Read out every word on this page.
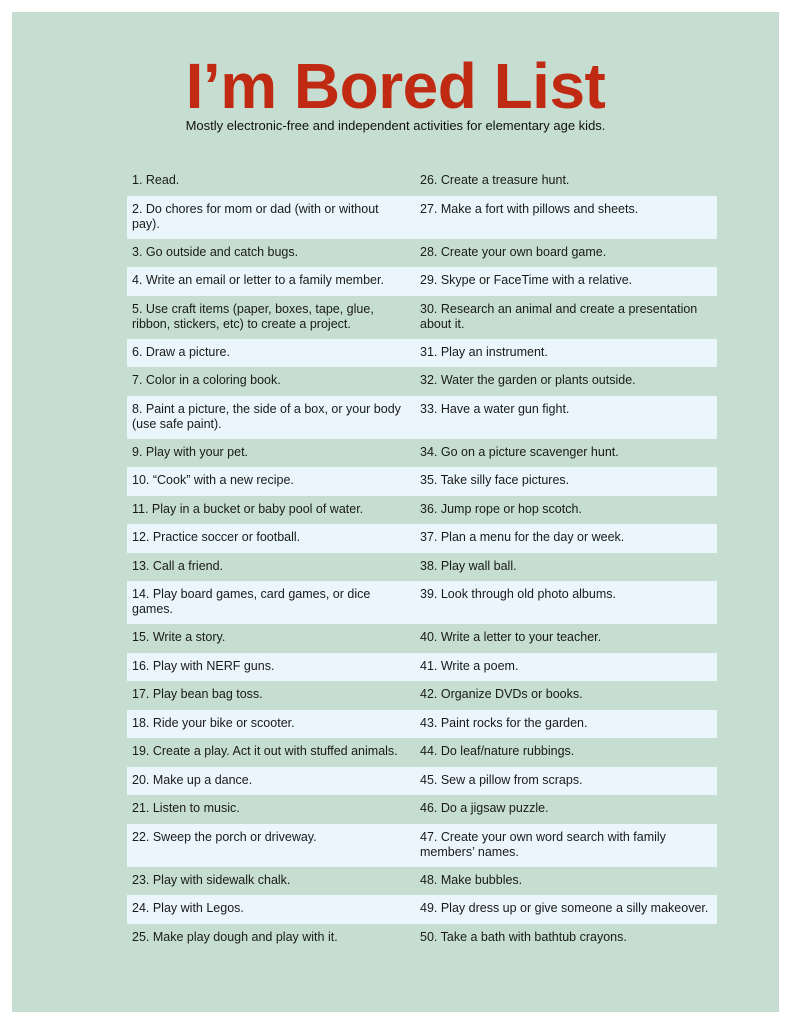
I’m Bored List
Mostly electronic-free and independent activities for elementary age kids.
1. Read.	26. Create a treasure hunt.
2. Do chores for mom or dad (with or without pay).	27. Make a fort with pillows and sheets.
3. Go outside and catch bugs.	28. Create your own board game.
4. Write an email or letter to a family member.	29. Skype or FaceTime with a relative.
5. Use craft items (paper, boxes, tape, glue, ribbon, stickers, etc) to create a project.	30. Research an animal and create a presentation about it.
6. Draw a picture.	31. Play an instrument.
7. Color in a coloring book.	32. Water the garden or plants outside.
8. Paint a picture, the side of a box, or your body (use safe paint).	33. Have a water gun fight.
9. Play with your pet.	34. Go on a picture scavenger hunt.
10. “Cook” with a new recipe.	35. Take silly face pictures.
11. Play in a bucket or baby pool of water.	36. Jump rope or hop scotch.
12. Practice soccer or football.	37. Plan a menu for the day or week.
13. Call a friend.	38. Play wall ball.
14. Play board games, card games, or dice games.	39. Look through old photo albums.
15. Write a story.	40. Write a letter to your teacher.
16. Play with NERF guns.	41. Write a poem.
17. Play bean bag toss.	42. Organize DVDs or books.
18. Ride your bike or scooter.	43. Paint rocks for the garden.
19. Create a play. Act it out with stuffed animals.	44. Do leaf/nature rubbings.
20. Make up a dance.	45. Sew a pillow from scraps.
21. Listen to music.	46. Do a jigsaw puzzle.
22. Sweep the porch or driveway.	47. Create your own word search with family members’ names.
23. Play with sidewalk chalk.	48. Make bubbles.
24. Play with Legos.	49. Play dress up or give someone a silly makeover.
25. Make play dough and play with it.	50. Take a bath with bathtub crayons.
